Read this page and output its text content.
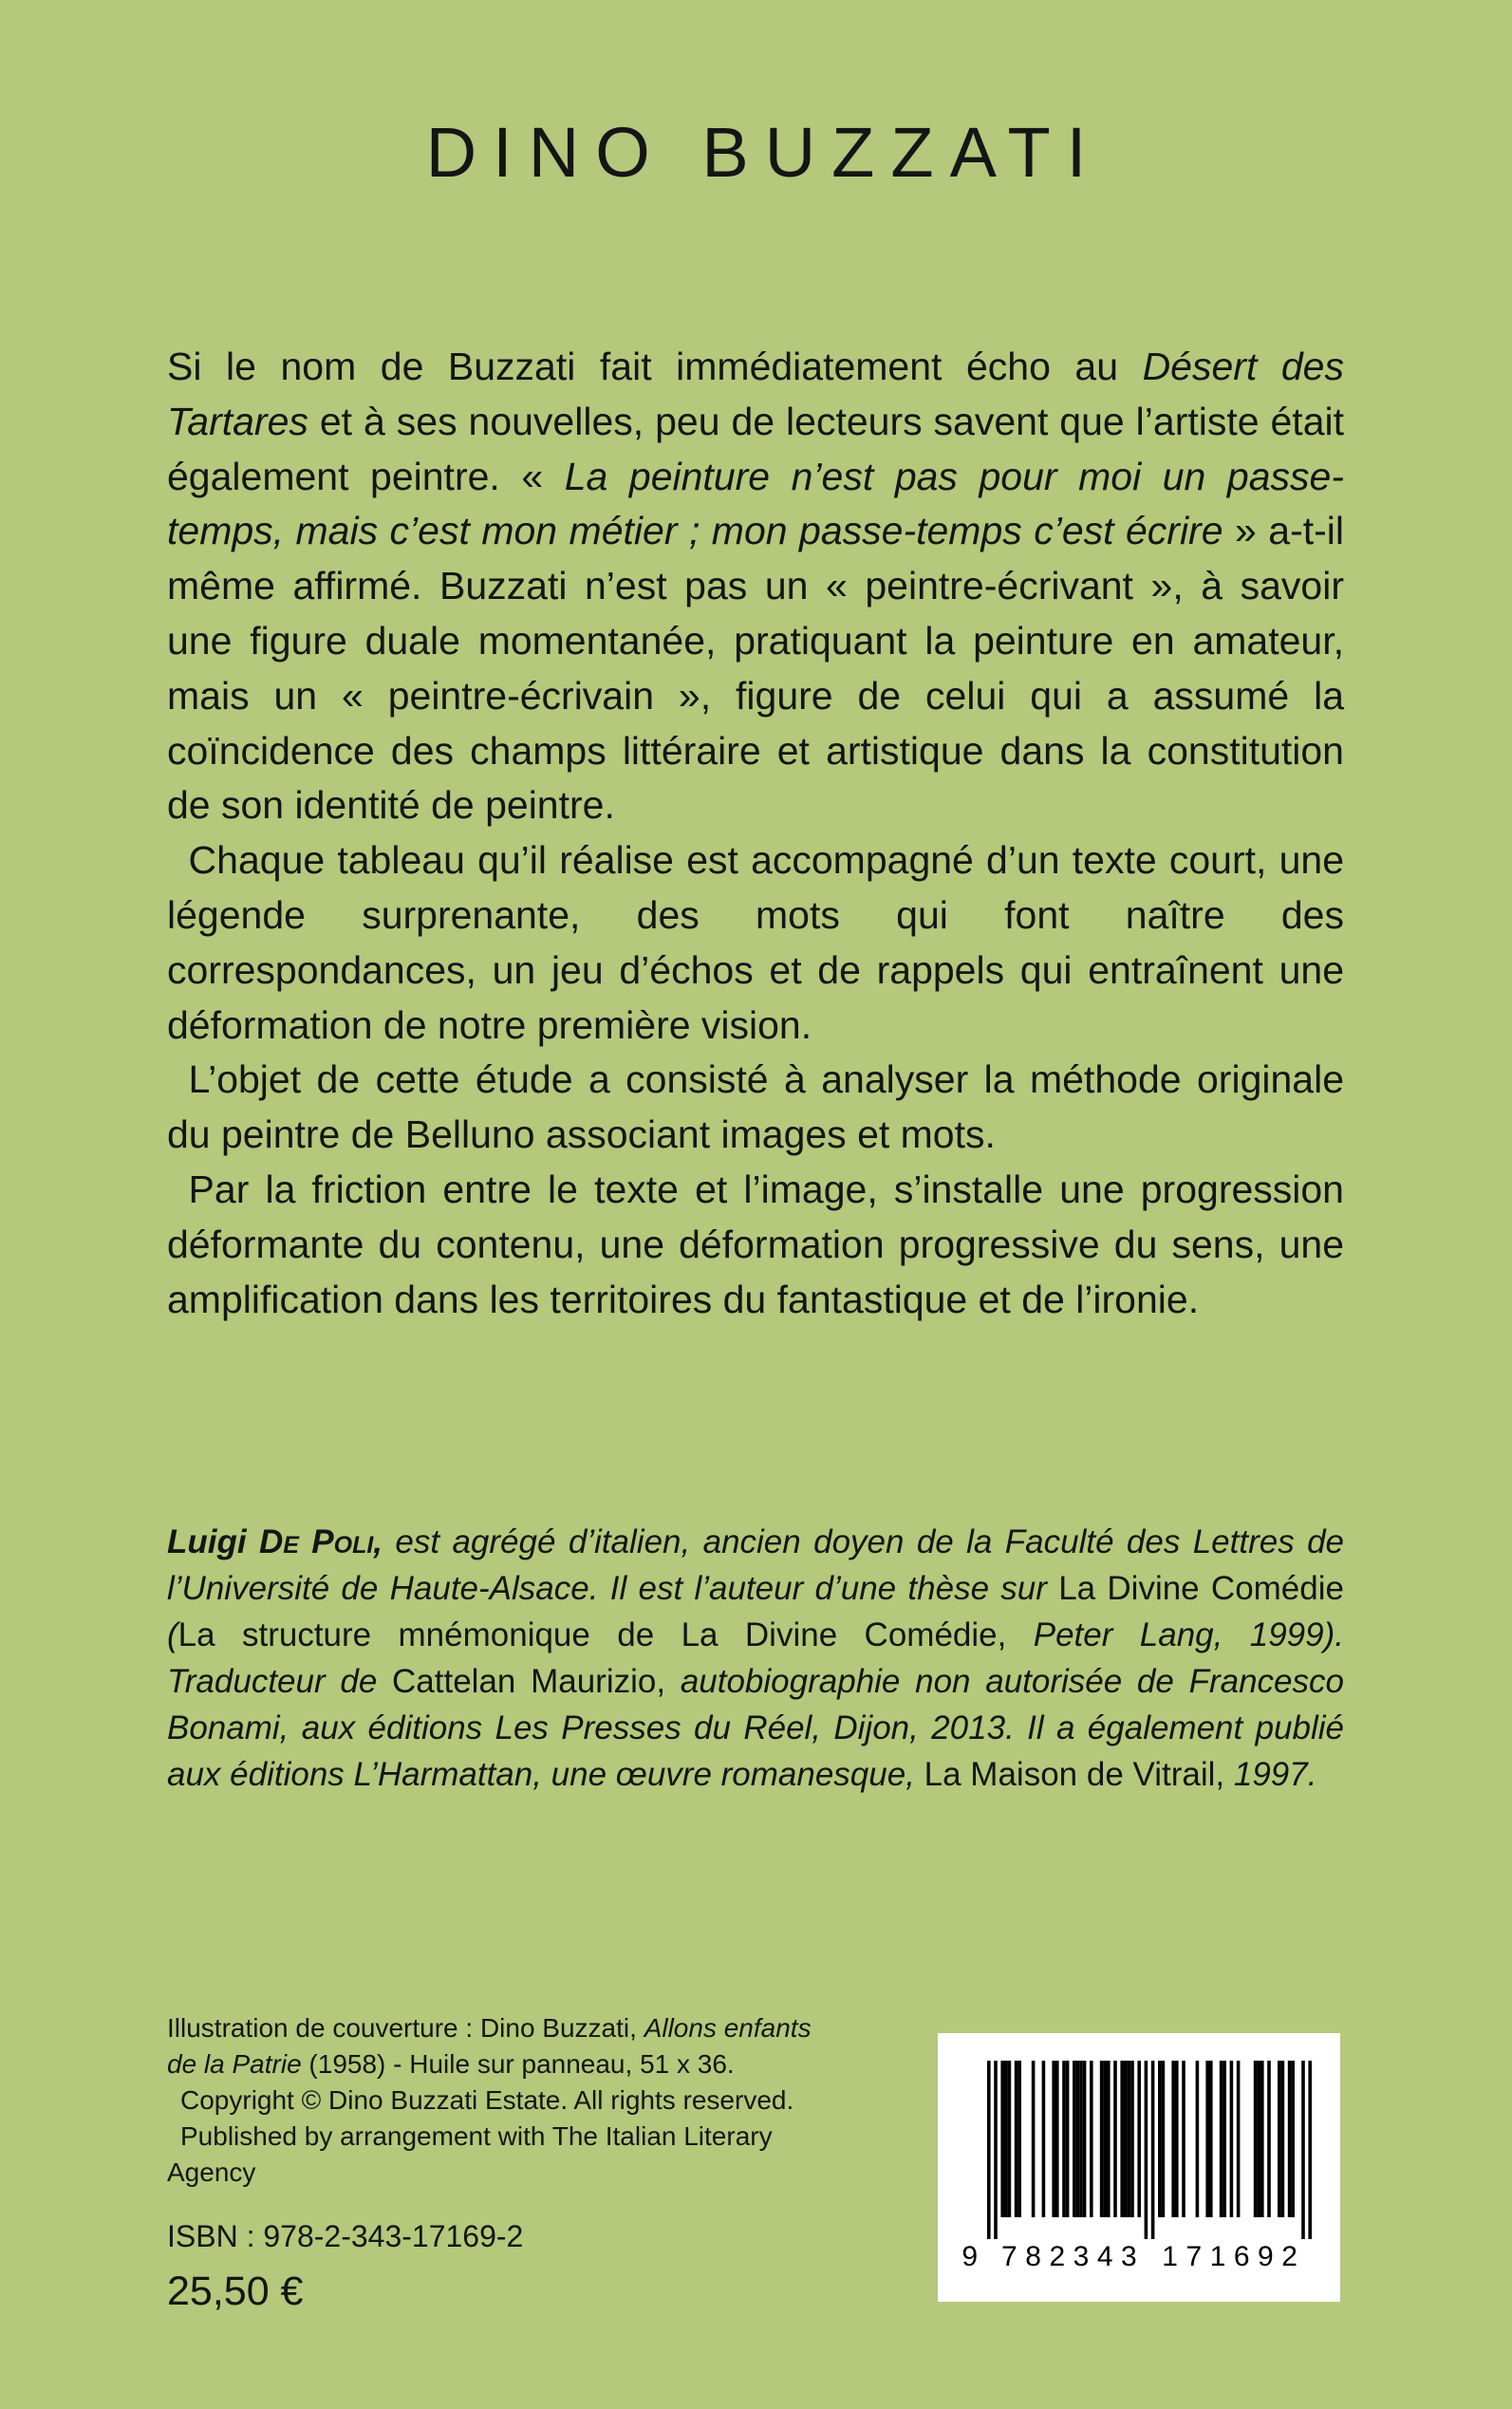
DINO BUZZATI

Si le nom de Buzzati fait immédiatement écho au Désert des Tartares et à ses nouvelles, peu de lecteurs savent que l’artiste était également peintre. « La peinture n’est pas pour moi un passe-temps, mais c’est mon métier ; mon passe-temps c’est écrire » a-t-il même affirmé. Buzzati n’est pas un « peintre-écrivant », à savoir une figure duale momentanée, pratiquant la peinture en amateur, mais un « peintre-écrivain », figure de celui qui a assumé la coïncidence des champs littéraire et artistique dans la constitution de son identité de peintre.

Chaque tableau qu’il réalise est accompagné d’un texte court, une légende surprenante, des mots qui font naître des correspondances, un jeu d’échos et de rappels qui entraînent une déformation de notre première vision.

L’objet de cette étude a consisté à analyser la méthode originale du peintre de Belluno associant images et mots.

Par la friction entre le texte et l’image, s’installe une progression déformante du contenu, une déformation progressive du sens, une amplification dans les territoires du fantastique et de l’ironie.

Luigi De Poli, est agrégé d’italien, ancien doyen de la Faculté des Lettres de l’Université de Haute-Alsace. Il est l’auteur d’une thèse sur La Divine Comédie (La structure mnémonique de La Divine Comédie, Peter Lang, 1999). Traducteur de Cattelan Maurizio, autobiographie non autorisée de Francesco Bonami, aux éditions Les Presses du Réel, Dijon, 2013. Il a également publié aux éditions L’Harmattan, une œuvre romanesque, La Maison de Vitrail, 1997.
Illustration de couverture : Dino Buzzati, Allons enfants
de la Patrie (1958) - Huile sur panneau, 51 x 36.
Copyright © Dino Buzzati Estate. All rights reserved.
Published by arrangement with The Italian Literary
Agency
ISBN : 978-2-343-17169-2
25,50 €
9 7 8 2 3 4 3 1 7 1 6 9 2
